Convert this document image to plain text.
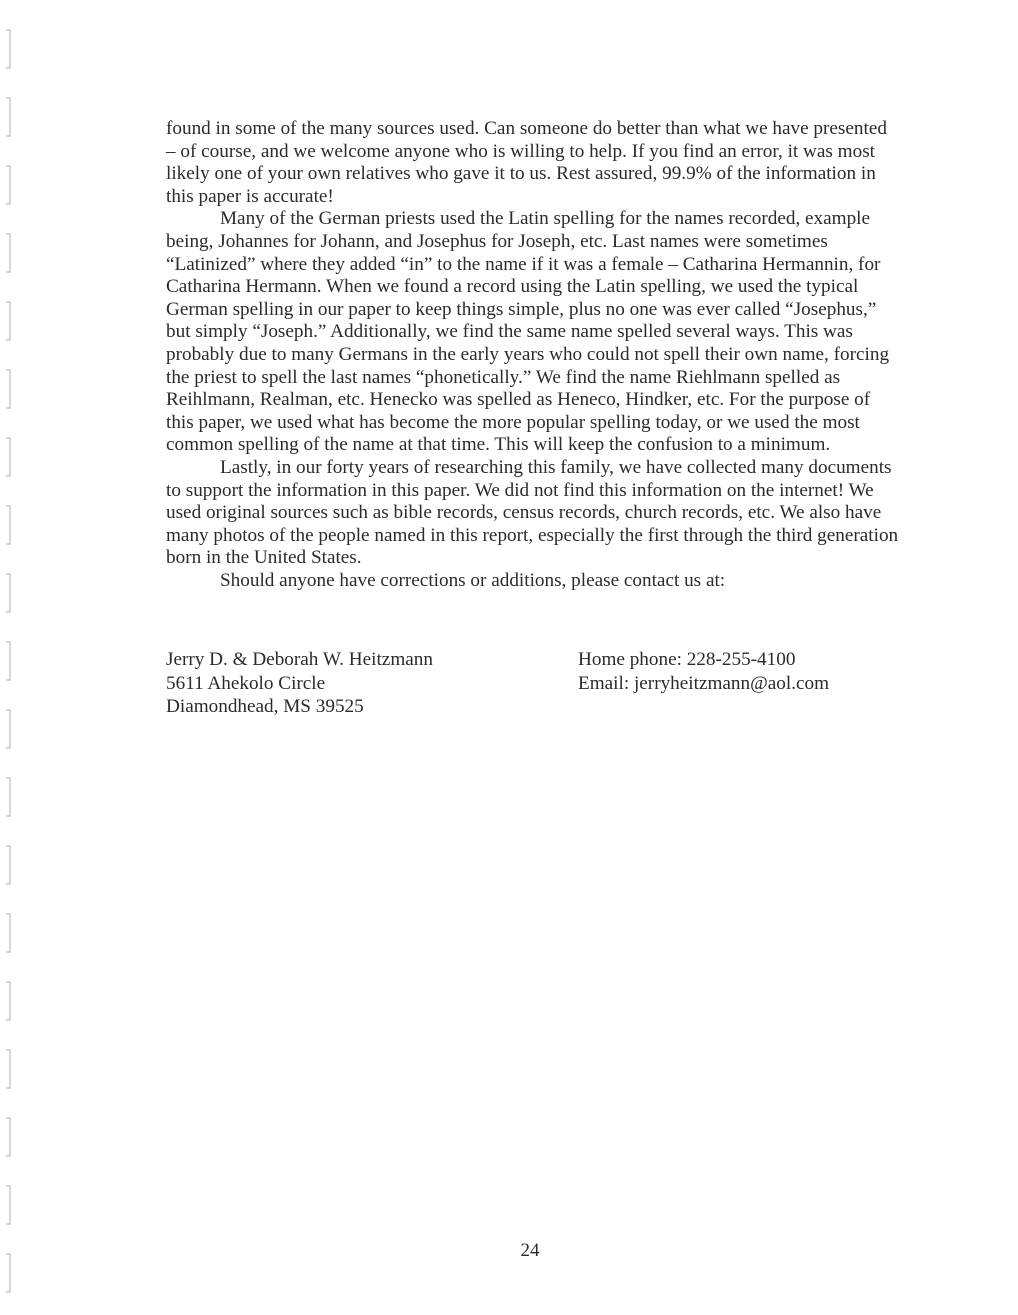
found in some of the many sources used. Can someone do better than what we have presented – of course, and we welcome anyone who is willing to help. If you find an error, it was most likely one of your own relatives who gave it to us. Rest assured, 99.9% of the information in this paper is accurate!

Many of the German priests used the Latin spelling for the names recorded, example being, Johannes for Johann, and Josephus for Joseph, etc. Last names were sometimes “Latinized” where they added “in” to the name if it was a female – Catharina Hermannin, for Catharina Hermann. When we found a record using the Latin spelling, we used the typical German spelling in our paper to keep things simple, plus no one was ever called “Josephus,” but simply “Joseph.” Additionally, we find the same name spelled several ways. This was probably due to many Germans in the early years who could not spell their own name, forcing the priest to spell the last names “phonetically.” We find the name Riehlmann spelled as Reihlmann, Realman, etc. Henecko was spelled as Heneco, Hindker, etc. For the purpose of this paper, we used what has become the more popular spelling today, or we used the most common spelling of the name at that time. This will keep the confusion to a minimum.

Lastly, in our forty years of researching this family, we have collected many documents to support the information in this paper. We did not find this information on the internet! We used original sources such as bible records, census records, church records, etc. We also have many photos of the people named in this report, especially the first through the third generation born in the United States.

Should anyone have corrections or additions, please contact us at:

Jerry D. & Deborah W. Heitzmann
5611 Ahekolo Circle
Diamondhead, MS 39525
Home phone: 228-255-4100
Email: jerryheitzmann@aol.com
24
